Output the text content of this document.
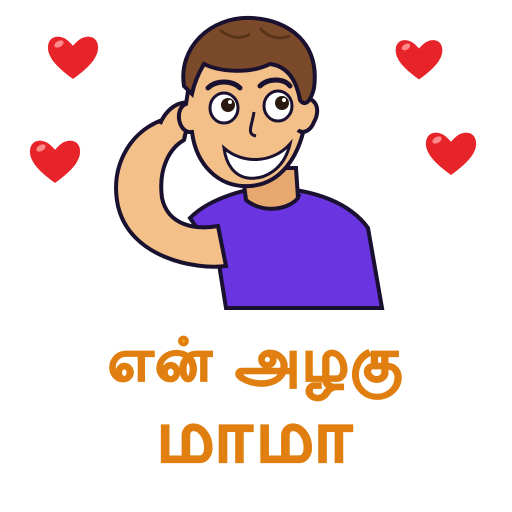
என் அழகு
மாமா
